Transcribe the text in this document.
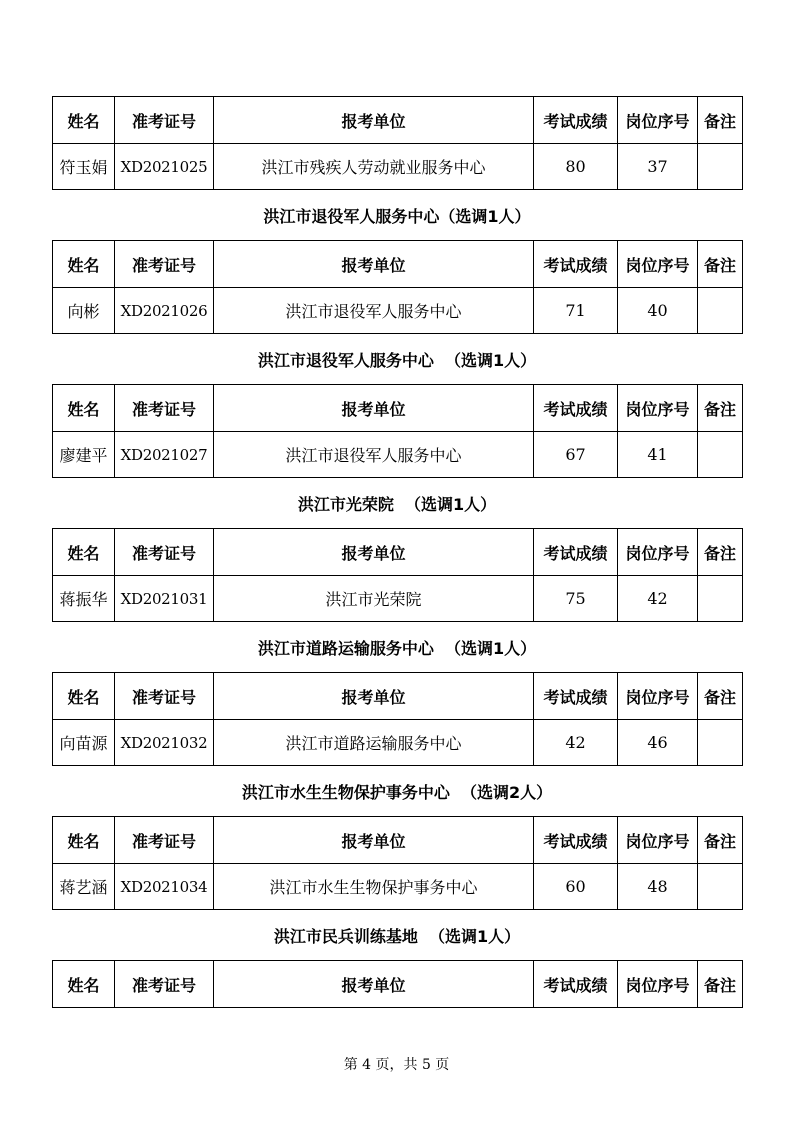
姓名	准考证号	报考单位	考试成绩	岗位序号	备注
符玉娟	XD2021025	洪江市残疾人劳动就业服务中心	80	37	
洪江市退役军人服务中心（选调1人）
姓名	准考证号	报考单位	考试成绩	岗位序号	备注
向彬	XD2021026	洪江市退役军人服务中心	71	40	
洪江市退役军人服务中心  （选调1人）
姓名	准考证号	报考单位	考试成绩	岗位序号	备注
廖建平	XD2021027	洪江市退役军人服务中心	67	41	
洪江市光荣院  （选调1人）
姓名	准考证号	报考单位	考试成绩	岗位序号	备注
蒋振华	XD2021031	洪江市光荣院	75	42	
洪江市道路运输服务中心  （选调1人）
姓名	准考证号	报考单位	考试成绩	岗位序号	备注
向苗源	XD2021032	洪江市道路运输服务中心	42	46	
洪江市水生生物保护事务中心  （选调2人）
姓名	准考证号	报考单位	考试成绩	岗位序号	备注
蒋艺涵	XD2021034	洪江市水生生物保护事务中心	60	48	
洪江市民兵训练基地  （选调1人）
姓名	准考证号	报考单位	考试成绩	岗位序号	备注
第 4 页，共 5 页
